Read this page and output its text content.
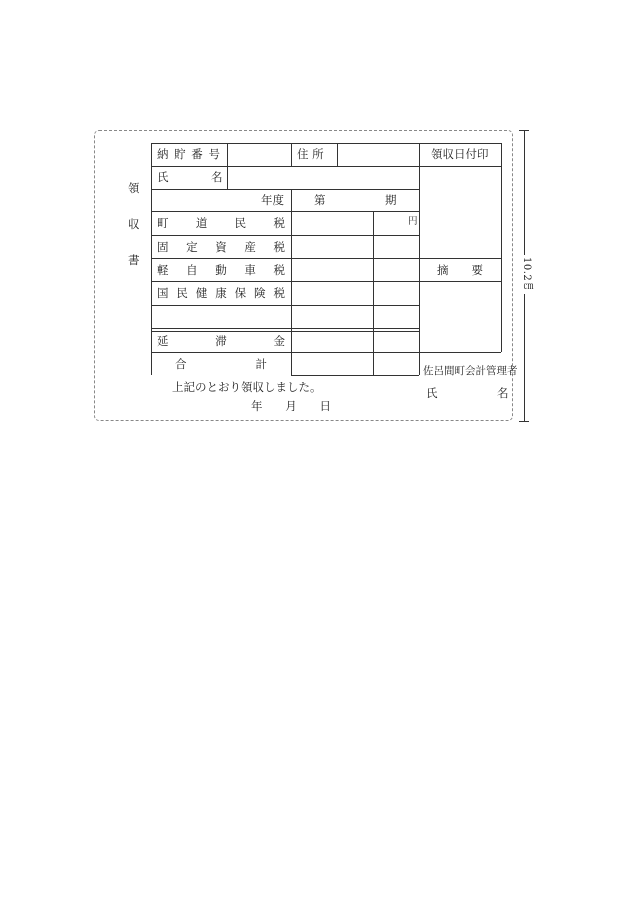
領
収
書
納 貯 番 号	住 所	領収日付印
氏	名
年度	第	期
円
町 道 民 税
固 定 資 産 税
軽 自 動 車 税
国 民 健 康 保 険 税
延	滞	金
合	計
摘 要
上記のとおり領収しました。
年 月 日
佐呂間町会計管理者
氏	名
10.2㎝
